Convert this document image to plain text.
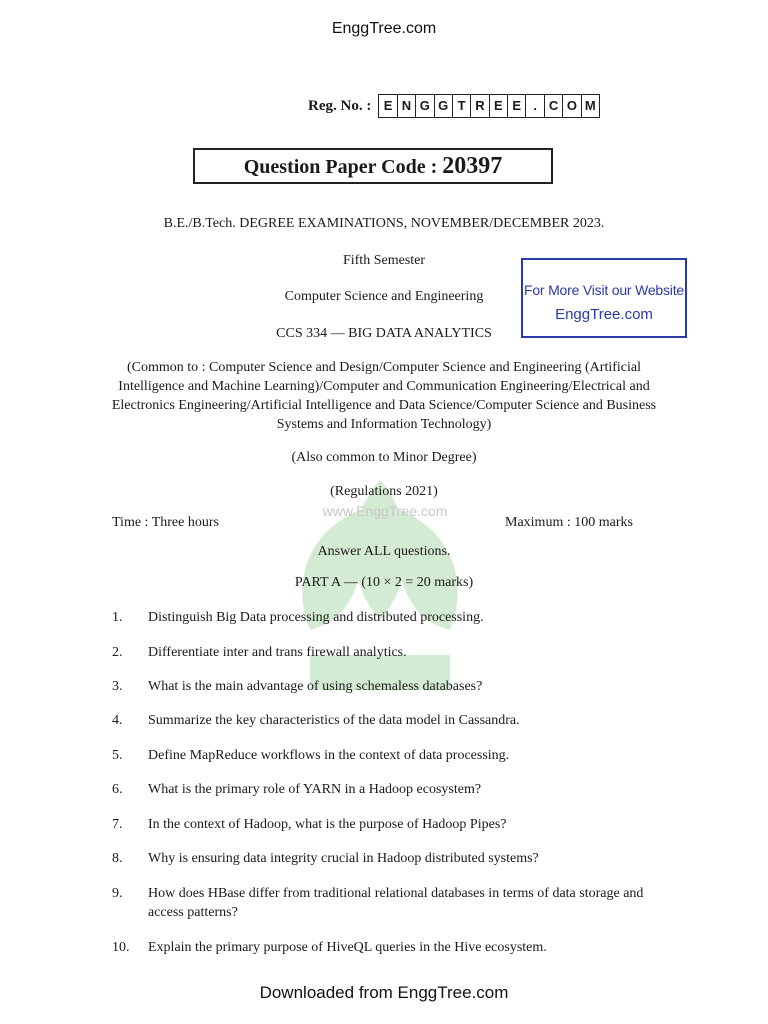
EnggTree.com
Reg. No. : E N G G T R E E . C O M
Question Paper Code : 20397
B.E./B.Tech. DEGREE EXAMINATIONS, NOVEMBER/DECEMBER 2023.
Fifth Semester
Computer Science and Engineering
CCS 334 — BIG DATA ANALYTICS
For More Visit our Website
EnggTree.com
(Common to : Computer Science and Design/Computer Science and Engineering (Artificial Intelligence and Machine Learning)/Computer and Communication Engineering/Electrical and Electronics Engineering/Artificial Intelligence and Data Science/Computer Science and Business Systems and Information Technology)
www.EnggTree.com
(Also common to Minor Degree)
(Regulations 2021)
Time : Three hours	Maximum : 100 marks
Answer ALL questions.
PART A — (10 × 2 = 20 marks)
1.	Distinguish Big Data processing and distributed processing.
2.	Differentiate inter and trans firewall analytics.
3.	What is the main advantage of using schemaless databases?
4.	Summarize the key characteristics of the data model in Cassandra.
5.	Define MapReduce workflows in the context of data processing.
6.	What is the primary role of YARN in a Hadoop ecosystem?
7.	In the context of Hadoop, what is the purpose of Hadoop Pipes?
8.	Why is ensuring data integrity crucial in Hadoop distributed systems?
9.	How does HBase differ from traditional relational databases in terms of data storage and access patterns?
10.	Explain the primary purpose of HiveQL queries in the Hive ecosystem.
Downloaded from EnggTree.com
